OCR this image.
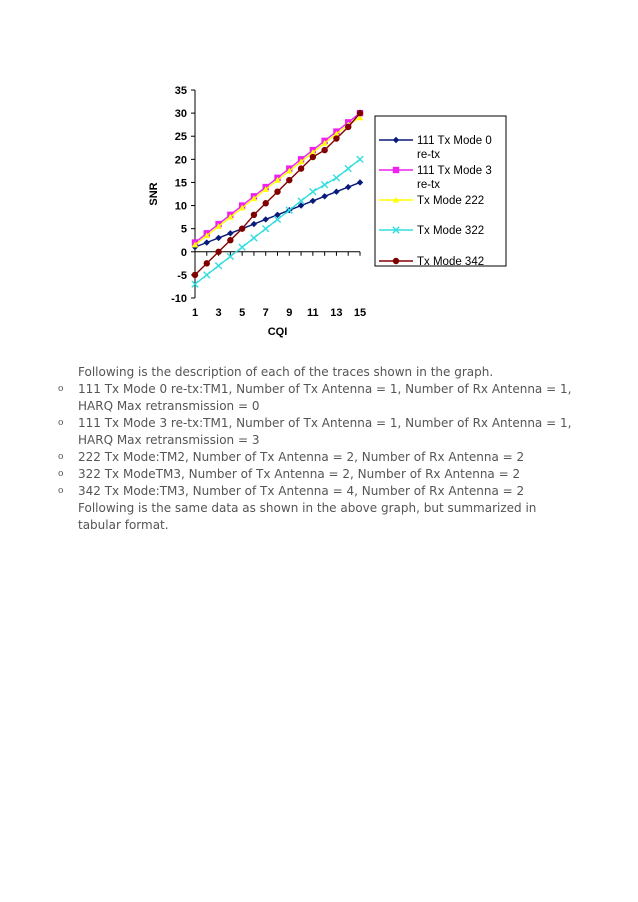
35
30
25
20
15
10
5
0
-5
-10
1 3 5 7 9 11 13 15
CQI
SNR
111 Tx Mode 0
re-tx
111 Tx Mode 3
re-tx
Tx Mode 222
Tx Mode 322
Tx Mode 342

Following is the description of each of the traces shown in the graph.

o 111 Tx Mode 0 re-tx:TM1, Number of Tx Antenna = 1, Number of Rx Antenna = 1, HARQ Max retransmission = 0
o 111 Tx Mode 3 re-tx:TM1, Number of Tx Antenna = 1, Number of Rx Antenna = 1, HARQ Max retransmission = 3
o 222 Tx Mode:TM2, Number of Tx Antenna = 2, Number of Rx Antenna = 2
o 322 Tx ModeTM3, Number of Tx Antenna = 2, Number of Rx Antenna = 2
o 342 Tx Mode:TM3, Number of Tx Antenna = 4, Number of Rx Antenna = 2

Following is the same data as shown in the above graph, but summarized in tabular format.
